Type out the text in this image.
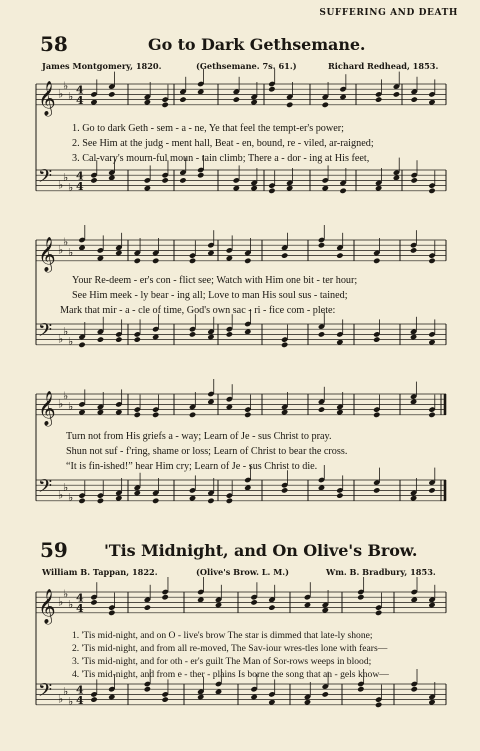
SUFFERING AND DEATH
58	Go to Dark Gethsemane.
James Montgomery, 1820.	(Gethsemane. 7s. 61.)	Richard Redhead, 1853.
𝄞 ♭
♭
♭
4
4
𝄢 ♭
♭
♭
4
4
1. Go to dark Geth - sem - a - ne, Ye that feel the tempt-er's power;
2. See Him at the judg - ment hall, Beat - en, bound, re - viled, ar-raigned;
3. Cal-vary's mourn-ful moun - tain climb; There a - dor - ing at His feet,
𝄞 ♭
♭
♭
𝄢 ♭
♭
♭
Your Re-deem - er's con - flict see; Watch with Him one bit - ter hour;
See Him meek - ly bear - ing all; Love to man His soul sus - tained;
Mark that mir - a - cle of time, God's own sac - ri - fice com - plete:
𝄞 ♭
♭
♭
𝄢 ♭
♭
♭
Turn not from His griefs a - way; Learn of Je - sus Christ to pray.
Shun not suf - f'ring, shame or loss; Learn of Christ to bear the cross.
“It is fin-ished!” hear Him cry; Learn of Je - sus Christ to die.
59 'Tis Midnight, and On Olive's Brow.
William B. Tappan, 1822.	(Olive's Brow. L. M.)	Wm. B. Bradbury, 1853.
𝄞 ♭
♭
♭
4
4
𝄢 ♭
♭
♭
4
4
1. 'Tis mid-night, and on O - live's brow The star is dimmed that late-ly shone;
2. 'Tis mid-night, and from all re-moved, The Sav-iour wres-tles lone with fears—
3. 'Tis mid-night, and for oth - er's guilt The Man of Sor-rows weeps in blood;
4. 'Tis mid-night, and from e - ther - plains Is borne the song that an - gels know—
